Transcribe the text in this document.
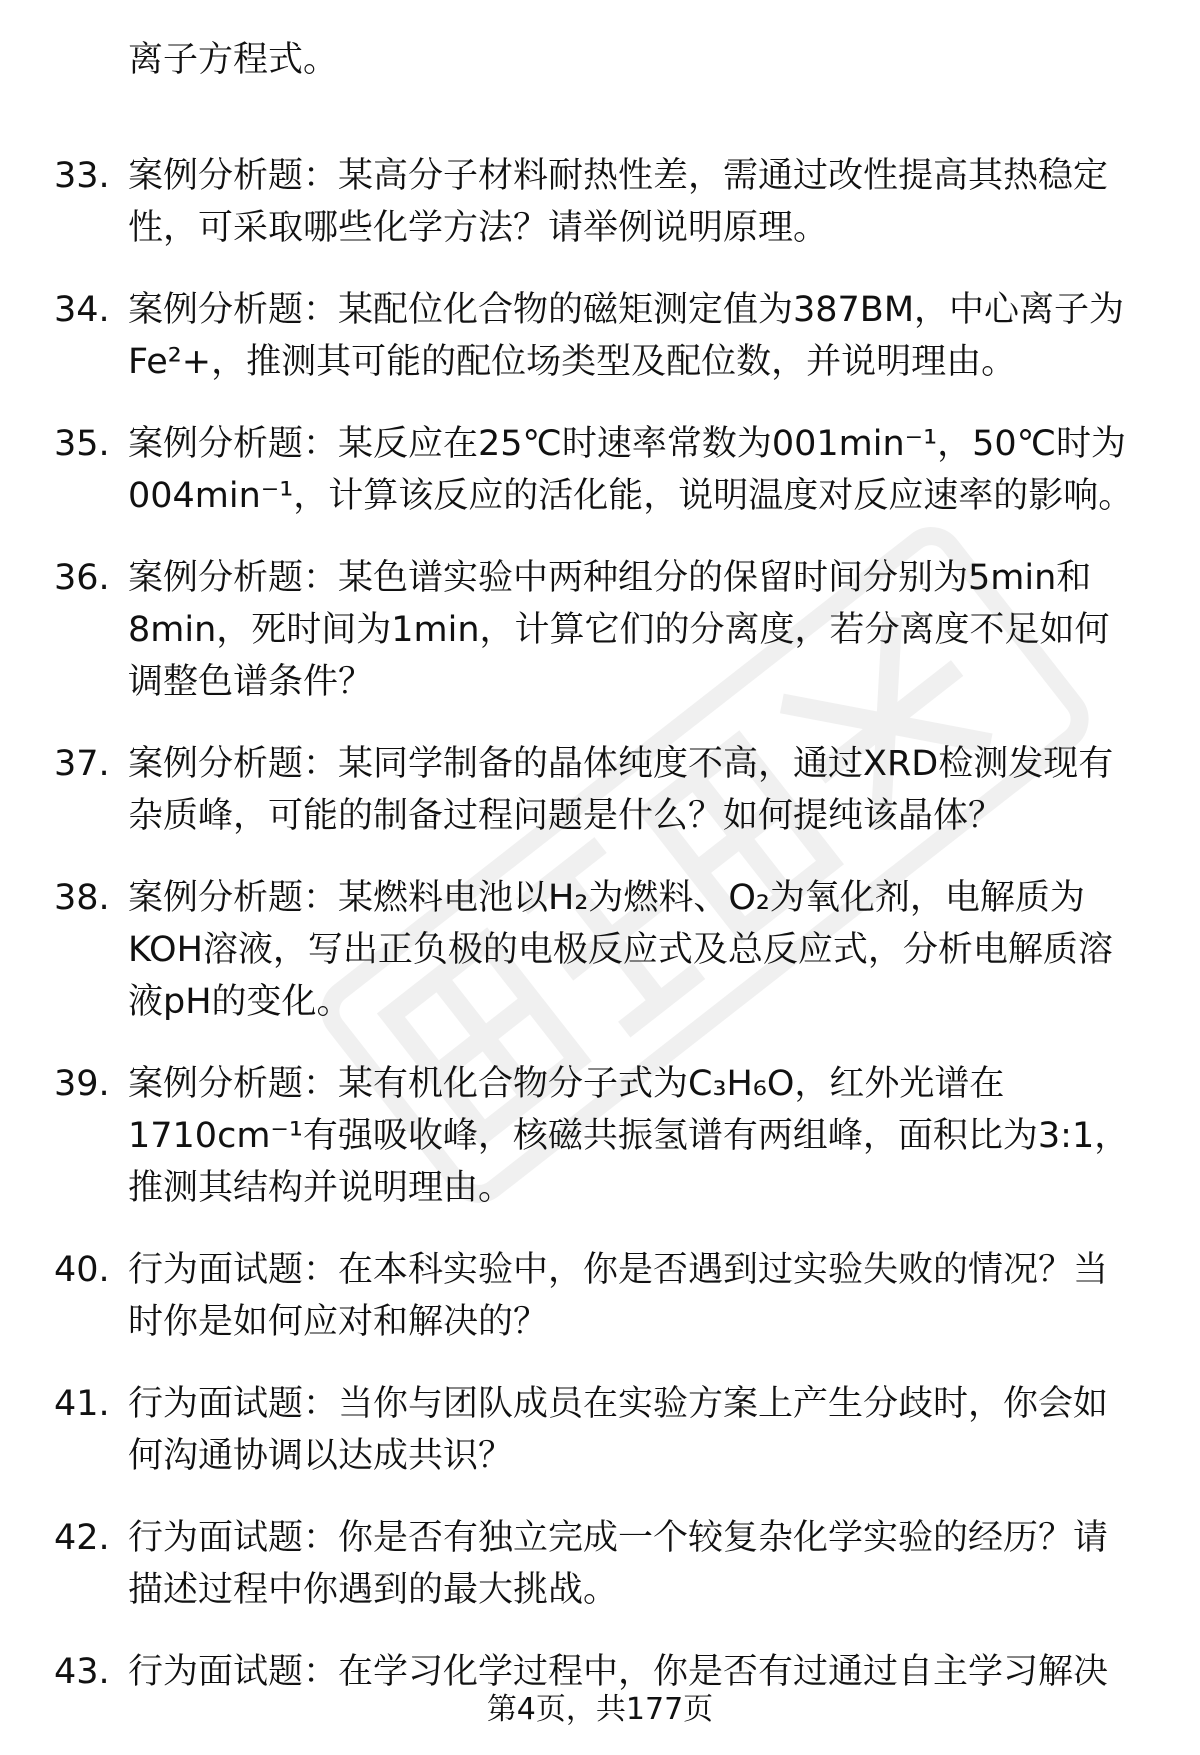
离子方程式。
33. 案例分析题：某高分子材料耐热性差，需通过改性提高其热稳定
性，可采取哪些化学方法？请举例说明原理。
34. 案例分析题：某配位化合物的磁矩测定值为387BM，中心离子为
Fe²+，推测其可能的配位场类型及配位数，并说明理由。
35. 案例分析题：某反应在25℃时速率常数为001min⁻¹，50℃时为
004min⁻¹，计算该反应的活化能，说明温度对反应速率的影响。
36. 案例分析题：某色谱实验中两种组分的保留时间分别为5min和
8min，死时间为1min，计算它们的分离度，若分离度不足如何
调整色谱条件？
37. 案例分析题：某同学制备的晶体纯度不高，通过XRD检测发现有
杂质峰，可能的制备过程问题是什么？如何提纯该晶体？
38. 案例分析题：某燃料电池以H₂为燃料、O₂为氧化剂，电解质为
KOH溶液，写出正负极的电极反应式及总反应式，分析电解质溶
液pH的变化。
39. 案例分析题：某有机化合物分子式为C₃H₆O，红外光谱在
1710cm⁻¹有强吸收峰，核磁共振氢谱有两组峰，面积比为3:1，
推测其结构并说明理由。
40. 行为面试题：在本科实验中，你是否遇到过实验失败的情况？当
时你是如何应对和解决的？
41. 行为面试题：当你与团队成员在实验方案上产生分歧时，你会如
何沟通协调以达成共识？
42. 行为面试题：你是否有独立完成一个较复杂化学实验的经历？请
描述过程中你遇到的最大挑战。
43. 行为面试题：在学习化学过程中，你是否有过通过自主学习解决
第4页，共177页
